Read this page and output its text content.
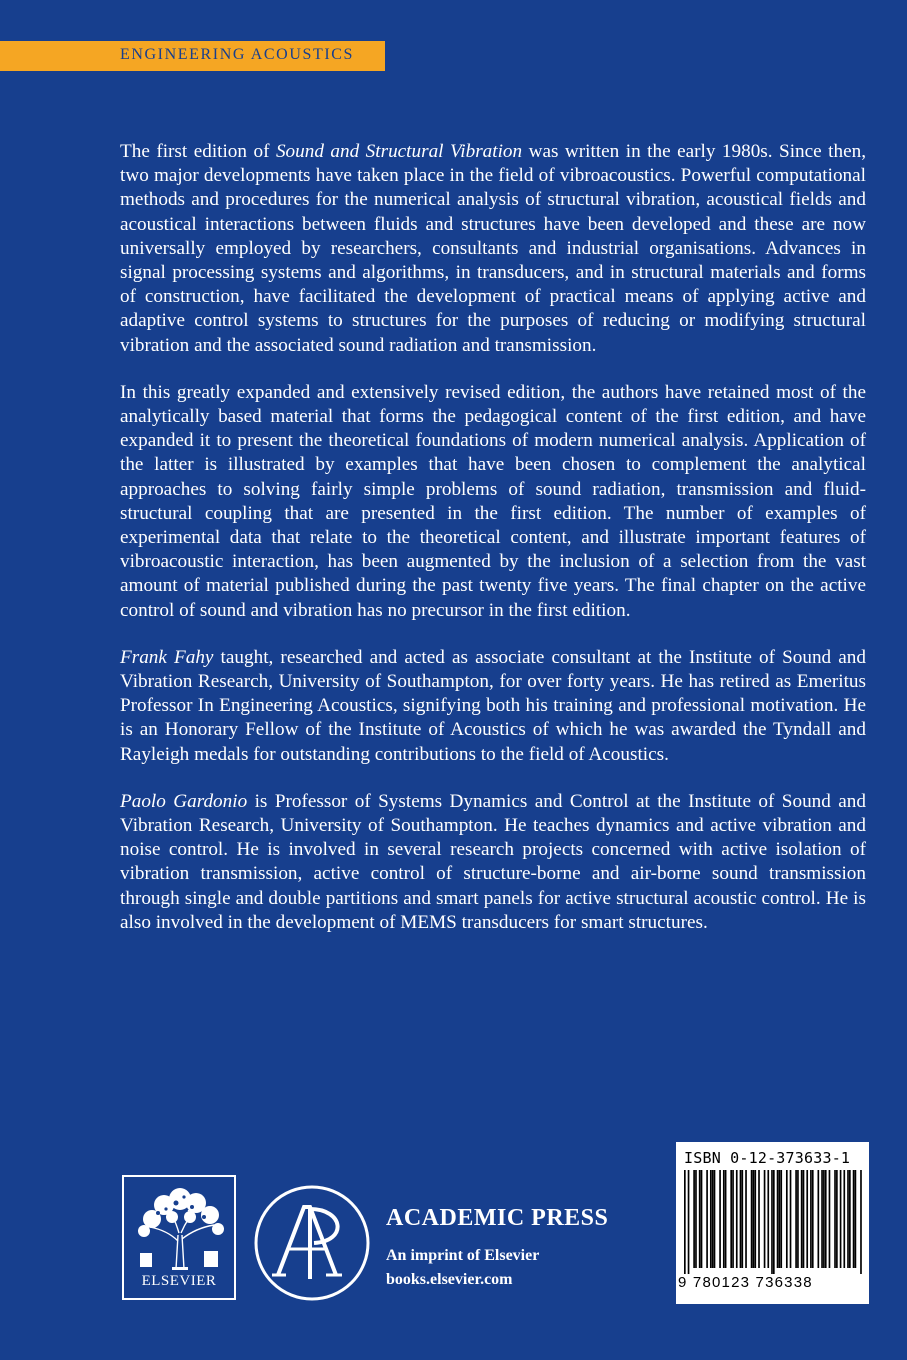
ENGINEERING ACOUSTICS

The first edition of Sound and Structural Vibration was written in the early 1980s. Since then, two major developments have taken place in the field of vibroacoustics. Powerful computational methods and procedures for the numerical analysis of structural vibration, acoustical fields and acoustical interactions between fluids and structures have been developed and these are now universally employed by researchers, consultants and industrial organisations. Advances in signal processing systems and algorithms, in transducers, and in structural materials and forms of construction, have facilitated the development of practical means of applying active and adaptive control systems to structures for the purposes of reducing or modifying structural vibration and the associated sound radiation and transmission.

In this greatly expanded and extensively revised edition, the authors have retained most of the analytically based material that forms the pedagogical content of the first edition, and have expanded it to present the theoretical foundations of modern numerical analysis. Application of the latter is illustrated by examples that have been chosen to complement the analytical approaches to solving fairly simple problems of sound radiation, transmission and fluid-structural coupling that are presented in the first edition. The number of examples of experimental data that relate to the theoretical content, and illustrate important features of vibroacoustic interaction, has been augmented by the inclusion of a selection from the vast amount of material published during the past twenty five years. The final chapter on the active control of sound and vibration has no precursor in the first edition.

Frank Fahy taught, researched and acted as associate consultant at the Institute of Sound and Vibration Research, University of Southampton, for over forty years. He has retired as Emeritus Professor In Engineering Acoustics, signifying both his training and professional motivation. He is an Honorary Fellow of the Institute of Acoustics of which he was awarded the Tyndall and Rayleigh medals for outstanding contributions to the field of Acoustics.

Paolo Gardonio is Professor of Systems Dynamics and Control at the Institute of Sound and Vibration Research, University of Southampton. He teaches dynamics and active vibration and noise control. He is involved in several research projects concerned with active isolation of vibration transmission, active control of structure-borne and air-borne sound transmission through single and double partitions and smart panels for active structural acoustic control. He is also involved in the development of MEMS transducers for smart structures.

ELSEVIER
ACADEMIC PRESS
An imprint of Elsevier
books.elsevier.com
ISBN 0-12-373633-1
9 780123 736338
